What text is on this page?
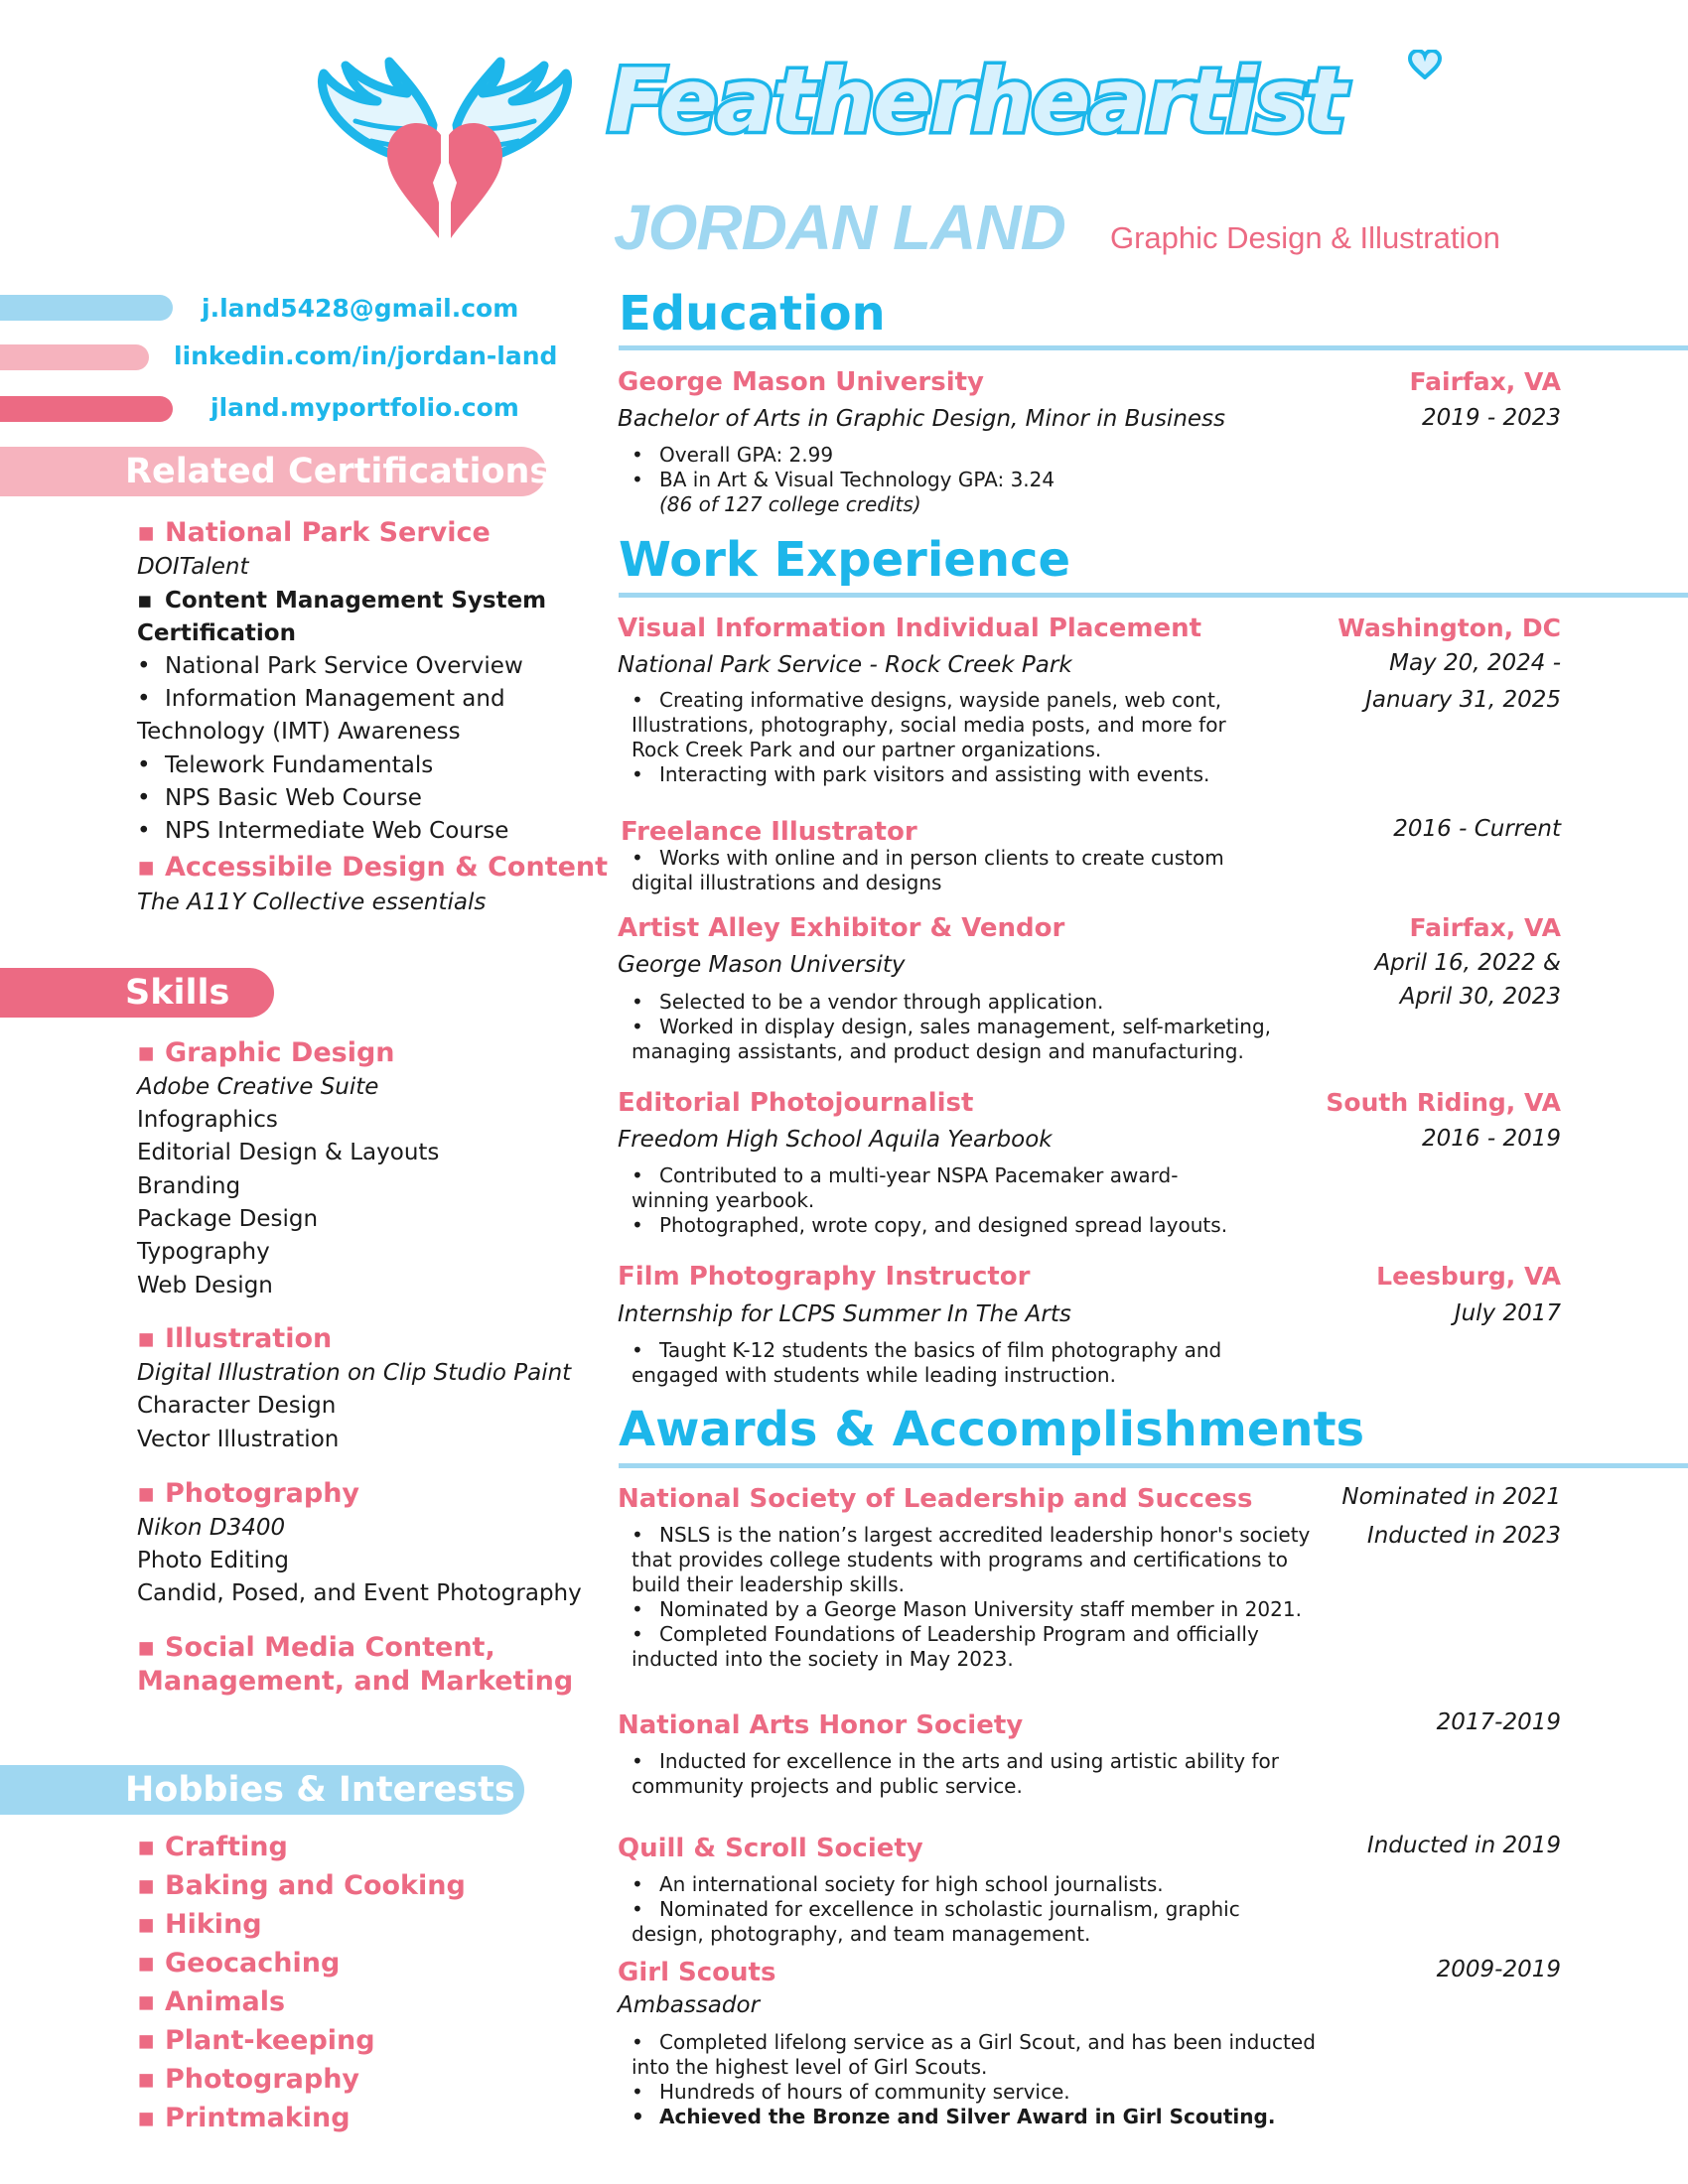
Featherheartist
JORDAN LAND Graphic Design & Illustration
j.land5428@gmail.com
linkedin.com/in/jordan-land
jland.myportfolio.com
Related Certifications
▪ National Park Service
DOITalent
▪ Content Management System
Certification
• National Park Service Overview
• Information Management and
Technology (IMT) Awareness
• Telework Fundamentals
• NPS Basic Web Course
• NPS Intermediate Web Course
▪ Accessibile Design & Content
The A11Y Collective essentials
Skills
▪ Graphic Design
Adobe Creative Suite
Infographics
Editorial Design & Layouts
Branding
Package Design
Typography
Web Design
▪ Illustration
Digital Illustration on Clip Studio Paint
Character Design
Vector Illustration
▪ Photography
Nikon D3400
Photo Editing
Candid, Posed, and Event Photography
▪ Social Media Content,
Management, and Marketing
Hobbies & Interests
▪ Crafting
▪ Baking and Cooking
▪ Hiking
▪ Geocaching
▪ Animals
▪ Plant-keeping
▪ Photography
▪ Printmaking
Education
George Mason University	Fairfax, VA
Bachelor of Arts in Graphic Design, Minor in Business	2019 - 2023
• Overall GPA: 2.99
• BA in Art & Visual Technology GPA: 3.24
(86 of 127 college credits)
Work Experience
Visual Information Individual Placement	Washington, DC
National Park Service - Rock Creek Park	May 20, 2024 -
January 31, 2025
• Creating informative designs, wayside panels, web cont,
Illustrations, photography, social media posts, and more for
Rock Creek Park and our partner organizations.
• Interacting with park visitors and assisting with events.
Freelance Illustrator	2016 - Current
• Works with online and in person clients to create custom
digital illustrations and designs
Artist Alley Exhibitor & Vendor	Fairfax, VA
George Mason University	April 16, 2022 &
April 30, 2023
• Selected to be a vendor through application.
• Worked in display design, sales management, self-marketing,
managing assistants, and product design and manufacturing.
Editorial Photojournalist	South Riding, VA
Freedom High School Aquila Yearbook	2016 - 2019
• Contributed to a multi-year NSPA Pacemaker award-
winning yearbook.
• Photographed, wrote copy, and designed spread layouts.
Film Photography Instructor	Leesburg, VA
Internship for LCPS Summer In The Arts	July 2017
• Taught K-12 students the basics of film photography and
engaged with students while leading instruction.
Awards & Accomplishments
National Society of Leadership and Success	Nominated in 2021
Inducted in 2023
• NSLS is the nation’s largest accredited leadership honor's society
that provides college students with programs and certifications to
build their leadership skills.
• Nominated by a George Mason University staff member in 2021.
• Completed Foundations of Leadership Program and officially
inducted into the society in May 2023.
National Arts Honor Society	2017-2019
• Inducted for excellence in the arts and using artistic ability for
community projects and public service.
Quill & Scroll Society	Inducted in 2019
• An international society for high school journalists.
• Nominated for excellence in scholastic journalism, graphic
design, photography, and team management.
Girl Scouts	2009-2019
Ambassador
• Completed lifelong service as a Girl Scout, and has been inducted
into the highest level of Girl Scouts.
• Hundreds of hours of community service.
• Achieved the Bronze and Silver Award in Girl Scouting.
